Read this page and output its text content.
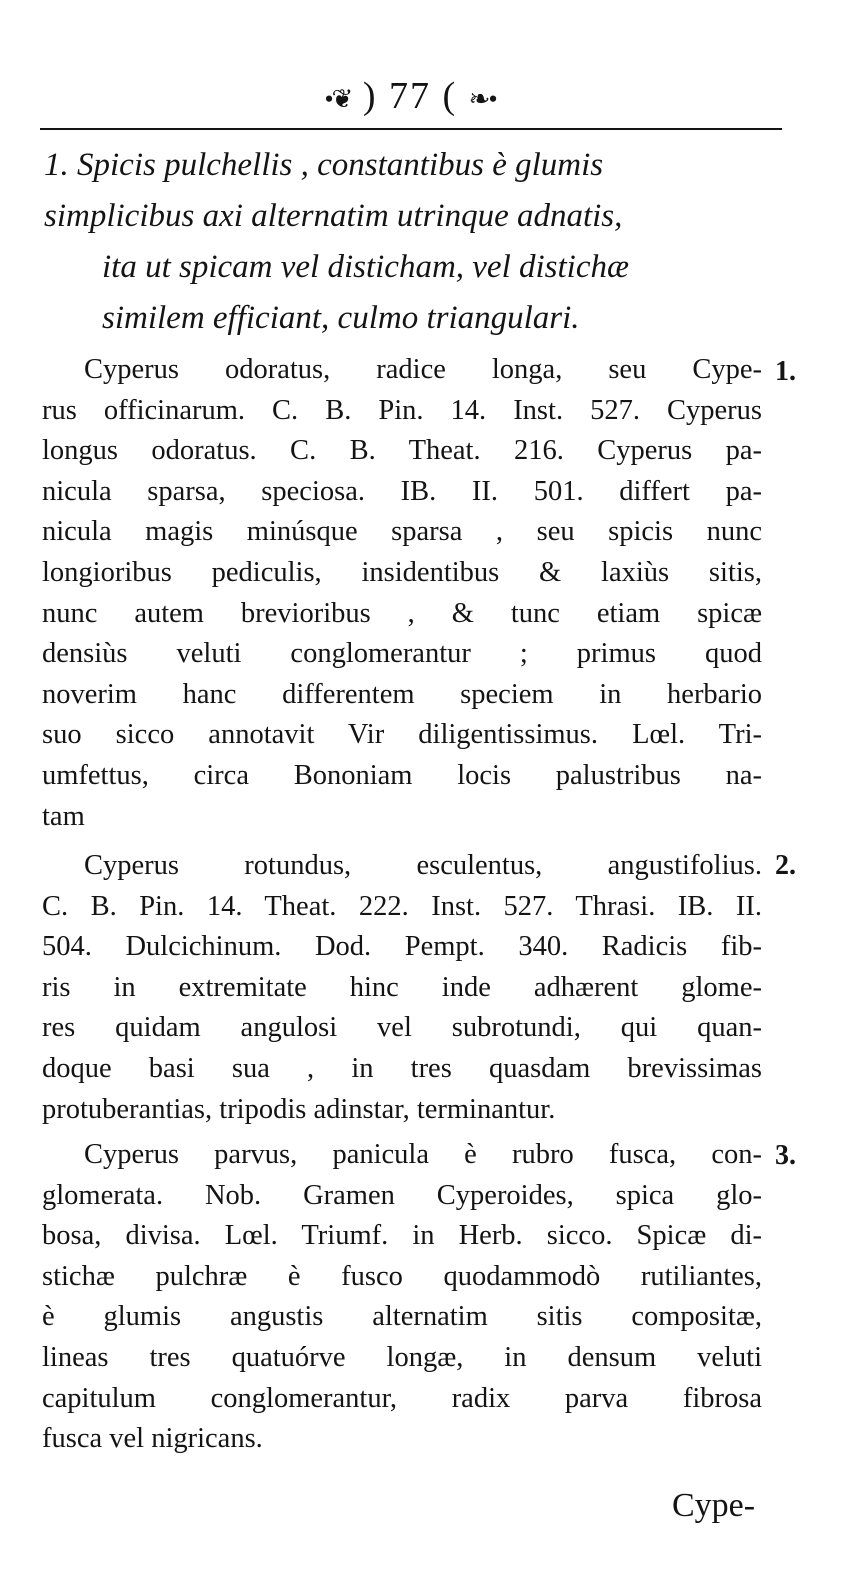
•❦ ) 77 ( ❧•
1. Spicis pulchellis , constantibus è glumis
simplicibus axi alternatim utrinque adnatis,
ita ut spicam vel disticham, vel distichæ
similem efficiant, culmo triangulari.
1.
Cyperus odoratus, radice longa, seu Cype-
rus officinarum. C. B. Pin. 14. Inst. 527. Cyperus
longus odoratus. C. B. Theat. 216. Cyperus pa-
nicula sparsa, speciosa. IB. II. 501. differt pa-
nicula magis minúsque sparsa , seu spicis nunc
longioribus pediculis, insidentibus & laxiùs sitis,
nunc autem brevioribus , & tunc etiam spicæ
densiùs veluti conglomerantur ; primus quod
noverim hanc differentem speciem in herbario
suo sicco annotavit Vir diligentissimus. Lœl. Tri-
umfettus, circa Bononiam locis palustribus na-
tam
2.
Cyperus rotundus, esculentus, angustifolius.
C. B. Pin. 14. Theat. 222. Inst. 527. Thrasi. IB. II.
504. Dulcichinum. Dod. Pempt. 340. Radicis fib-
ris in extremitate hinc inde adhærent glome-
res quidam angulosi vel subrotundi, qui quan-
doque basi sua , in tres quasdam brevissimas
protuberantias, tripodis adinstar, terminantur.
3.
Cyperus parvus, panicula è rubro fusca, con-
glomerata. Nob. Gramen Cyperoides, spica glo-
bosa, divisa. Lœl. Triumf. in Herb. sicco. Spicæ di-
stichæ pulchræ è fusco quodammodò rutiliantes,
è glumis angustis alternatim sitis compositæ,
lineas tres quatuórve longæ, in densum veluti
capitulum conglomerantur, radix parva fibrosa
fusca vel nigricans.
Cype-
